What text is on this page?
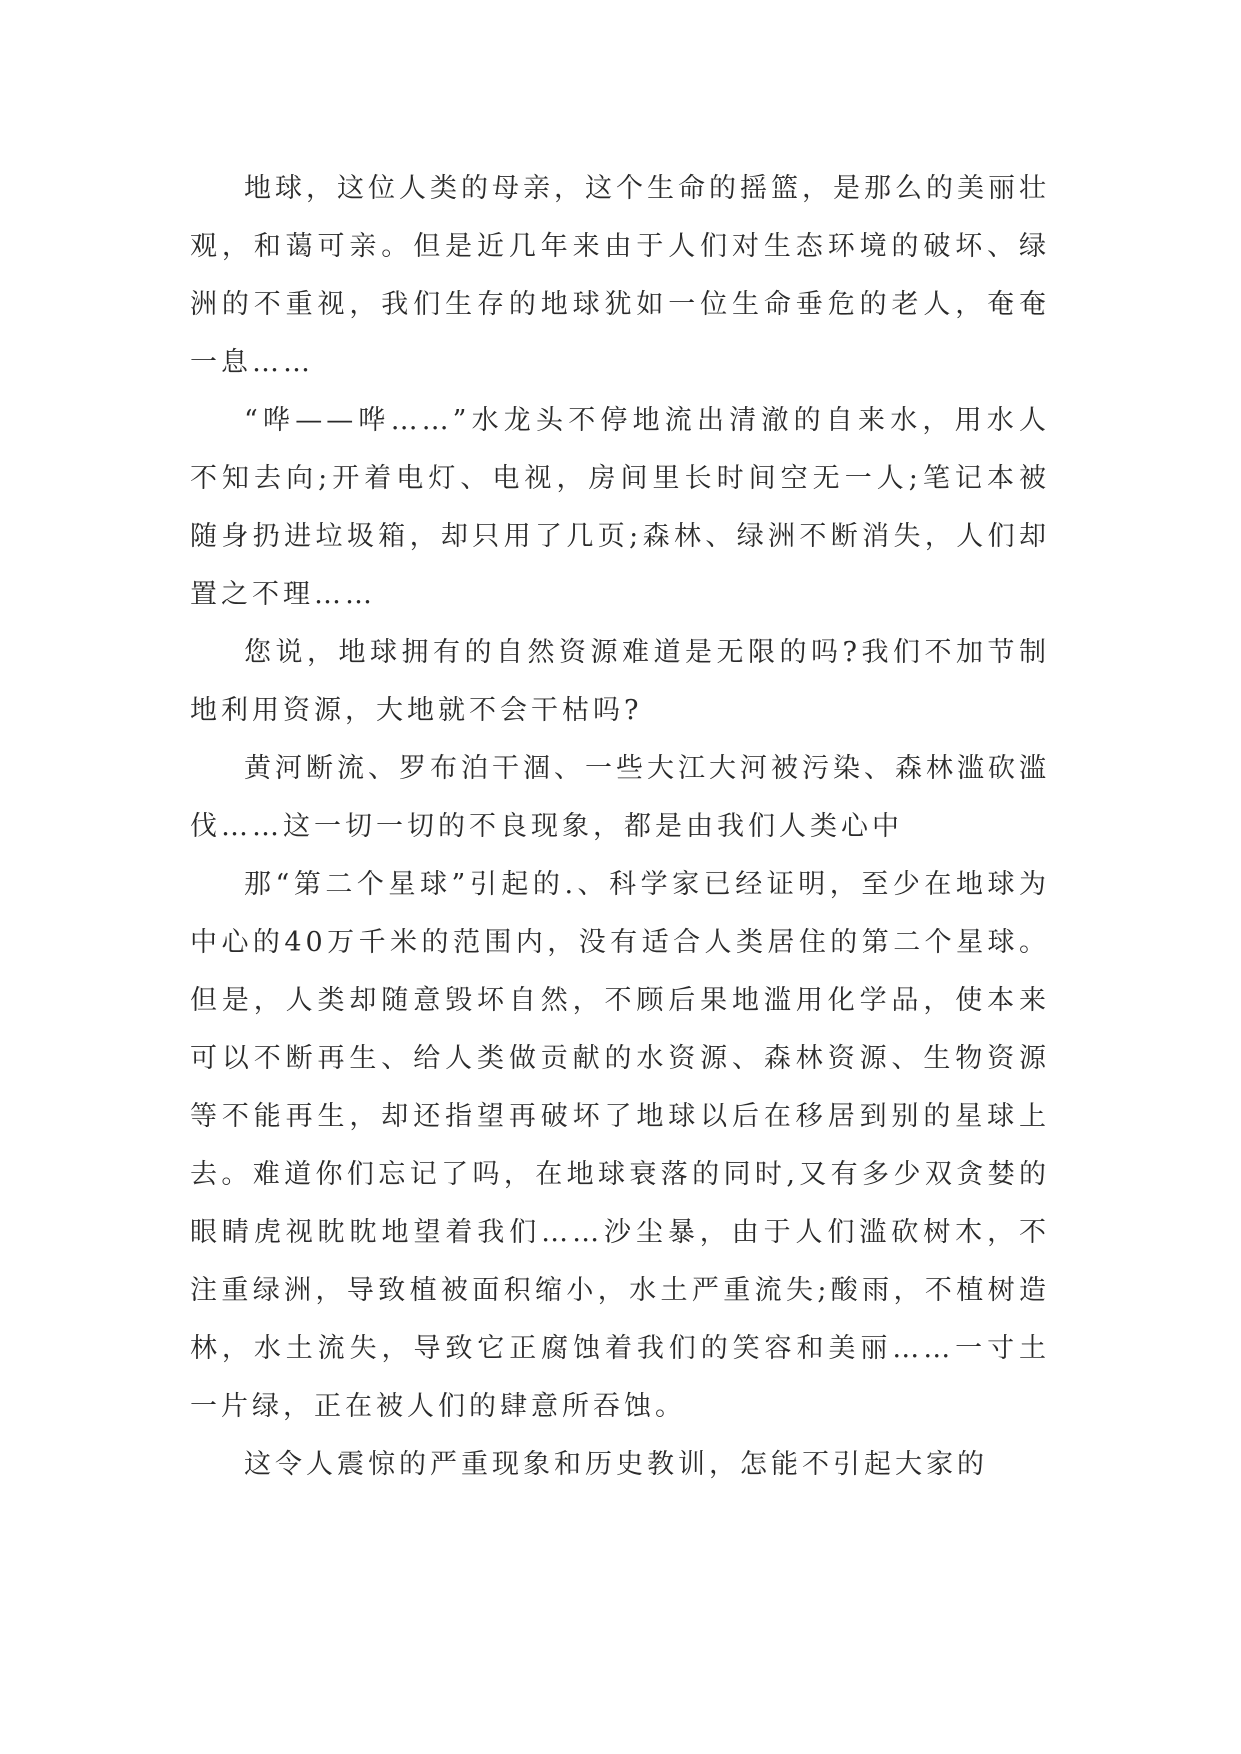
地球，这位人类的母亲，这个生命的摇篮，是那么的美丽壮观，和蔼可亲。但是近几年来由于人们对生态环境的破坏、绿洲的不重视，我们生存的地球犹如一位生命垂危的老人，奄奄一息……

“哗——哗……”水龙头不停地流出清澈的自来水，用水人不知去向;开着电灯、电视，房间里长时间空无一人;笔记本被随身扔进垃圾箱，却只用了几页;森林、绿洲不断消失，人们却置之不理……

您说，地球拥有的自然资源难道是无限的吗?我们不加节制地利用资源，大地就不会干枯吗?

黄河断流、罗布泊干涸、一些大江大河被污染、森林滥砍滥伐……这一切一切的不良现象，都是由我们人类心中

那“第二个星球”引起的.、科学家已经证明，至少在地球为中心的40万千米的范围内，没有适合人类居住的第二个星球。但是，人类却随意毁坏自然，不顾后果地滥用化学品，使本来可以不断再生、给人类做贡献的水资源、森林资源、生物资源等不能再生，却还指望再破坏了地球以后在移居到别的星球上去。难道你们忘记了吗，在地球衰落的同时,又有多少双贪婪的眼睛虎视眈眈地望着我们……沙尘暴，由于人们滥砍树木，不注重绿洲，导致植被面积缩小，水土严重流失;酸雨，不植树造林，水土流失，导致它正腐蚀着我们的笑容和美丽……一寸土一片绿，正在被人们的肆意所吞蚀。

这令人震惊的严重现象和历史教训，怎能不引起大家的
